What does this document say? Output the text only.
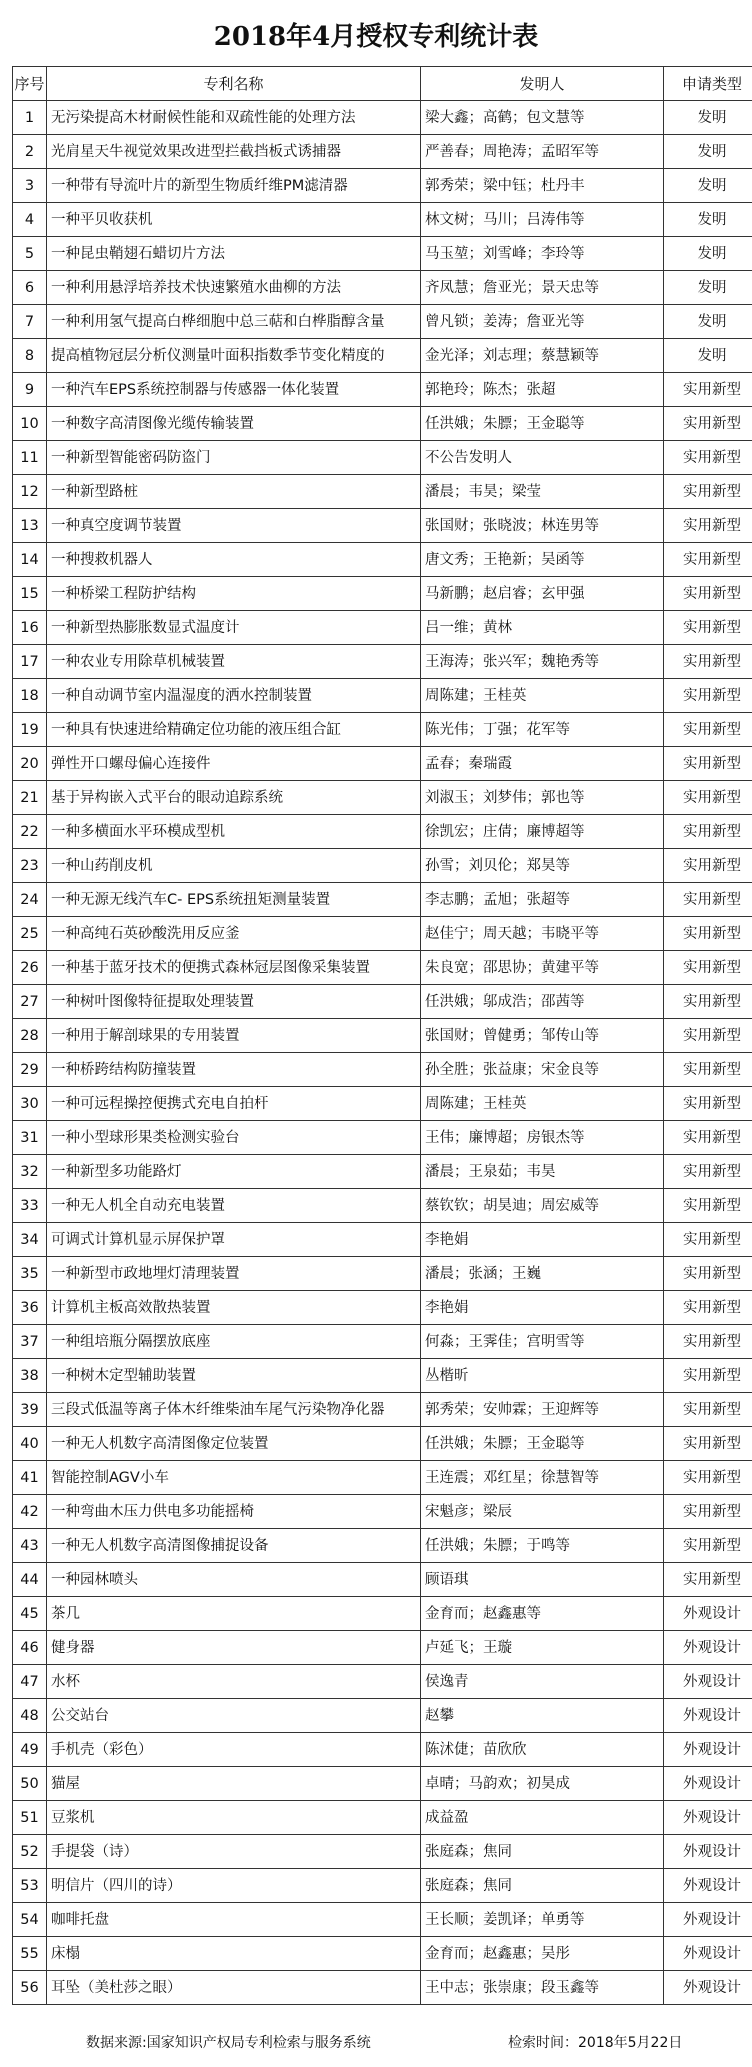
2018年4月授权专利统计表
序号	专利名称	发明人	申请类型
1	无污染提高木材耐候性能和双疏性能的处理方法	梁大鑫；高鹤；包文慧等	发明
2	光肩星天牛视觉效果改进型拦截挡板式诱捕器	严善春；周艳涛；孟昭军等	发明
3	一种带有导流叶片的新型生物质纤维PM滤清器	郭秀荣；梁中钰；杜丹丰	发明
4	一种平贝收获机	林文树；马川；吕涛伟等	发明
5	一种昆虫鞘翅石蜡切片方法	马玉堃；刘雪峰；李玲等	发明
6	一种利用悬浮培养技术快速繁殖水曲柳的方法	齐凤慧；詹亚光；景天忠等	发明
7	一种利用氢气提高白桦细胞中总三萜和白桦脂醇含量	曾凡锁；姜涛；詹亚光等	发明
8	提高植物冠层分析仪测量叶面积指数季节变化精度的	金光泽；刘志理；蔡慧颖等	发明
9	一种汽车EPS系统控制器与传感器一体化装置	郭艳玲；陈杰；张超	实用新型
10	一种数字高清图像光缆传输装置	任洪娥；朱膘；王金聪等	实用新型
11	一种新型智能密码防盗门	不公告发明人	实用新型
12	一种新型路桩	潘晨；韦昊；梁莹	实用新型
13	一种真空度调节装置	张国财；张晓波；林连男等	实用新型
14	一种搜救机器人	唐文秀；王艳新；吴函等	实用新型
15	一种桥梁工程防护结构	马新鹏；赵启睿；玄甲强	实用新型
16	一种新型热膨胀数显式温度计	吕一维；黄林	实用新型
17	一种农业专用除草机械装置	王海涛；张兴军；魏艳秀等	实用新型
18	一种自动调节室内温湿度的洒水控制装置	周陈建；王桂英	实用新型
19	一种具有快速进给精确定位功能的液压组合缸	陈光伟；丁强；花军等	实用新型
20	弹性开口螺母偏心连接件	孟春；秦瑞霞	实用新型
21	基于异构嵌入式平台的眼动追踪系统	刘淑玉；刘梦伟；郭也等	实用新型
22	一种多横面水平环模成型机	徐凯宏；庄倩；廉博超等	实用新型
23	一种山药削皮机	孙雪；刘贝伦；郑昊等	实用新型
24	一种无源无线汽车C- EPS系统扭矩测量装置	李志鹏；孟旭；张超等	实用新型
25	一种高纯石英砂酸洗用反应釜	赵佳宁；周天越；韦晓平等	实用新型
26	一种基于蓝牙技术的便携式森林冠层图像采集装置	朱良宽；邵思协；黄建平等	实用新型
27	一种树叶图像特征提取处理装置	任洪娥；邬成浩；邵茜等	实用新型
28	一种用于解剖球果的专用装置	张国财；曾健勇；邹传山等	实用新型
29	一种桥跨结构防撞装置	孙全胜；张益康；宋金良等	实用新型
30	一种可远程操控便携式充电自拍杆	周陈建；王桂英	实用新型
31	一种小型球形果类检测实验台	王伟；廉博超；房银杰等	实用新型
32	一种新型多功能路灯	潘晨；王泉茹；韦昊	实用新型
33	一种无人机全自动充电装置	蔡钦钦；胡昊迪；周宏威等	实用新型
34	可调式计算机显示屏保护罩	李艳娟	实用新型
35	一种新型市政地埋灯清理装置	潘晨；张涵；王巍	实用新型
36	计算机主板高效散热装置	李艳娟	实用新型
37	一种组培瓶分隔摆放底座	何淼；王霁佳；宫明雪等	实用新型
38	一种树木定型辅助装置	丛楷昕	实用新型
39	三段式低温等离子体木纤维柴油车尾气污染物净化器	郭秀荣；安帅霖；王迎辉等	实用新型
40	一种无人机数字高清图像定位装置	任洪娥；朱膘；王金聪等	实用新型
41	智能控制AGV小车	王连震；邓红星；徐慧智等	实用新型
42	一种弯曲木压力供电多功能摇椅	宋魁彦；梁辰	实用新型
43	一种无人机数字高清图像捕捉设备	任洪娥；朱膘；于鸣等	实用新型
44	一种园林喷头	顾语琪	实用新型
45	茶几	金育而；赵鑫惠等	外观设计
46	健身器	卢延飞；王璇	外观设计
47	水杯	侯逸青	外观设计
48	公交站台	赵攀	外观设计
49	手机壳（彩色）	陈沭倢；苗欣欣	外观设计
50	猫屋	卓晴；马韵欢；初昊成	外观设计
51	豆浆机	成益盈	外观设计
52	手提袋（诗）	张庭森；焦同	外观设计
53	明信片（四川的诗）	张庭森；焦同	外观设计
54	咖啡托盘	王长顺；姜凯译；单勇等	外观设计
55	床榻	金育而；赵鑫惠；吴彤	外观设计
56	耳坠（美杜莎之眼）	王中志；张崇康；段玉鑫等	外观设计
数据来源:国家知识产权局专利检索与服务系统	检索时间：2018年5月22日
